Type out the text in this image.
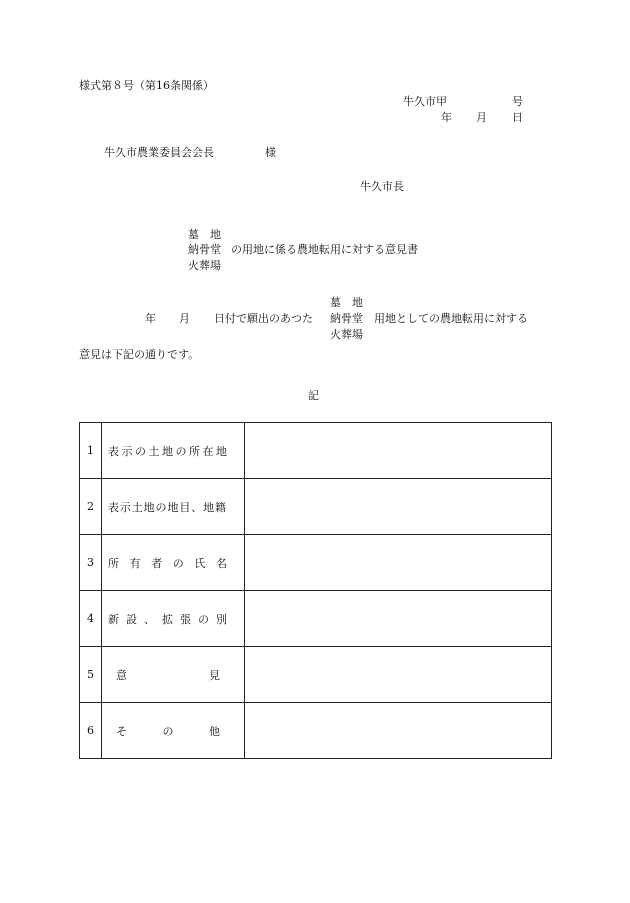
様式第８号（第16条関係）
牛久市甲	号
年 月 日
牛久市農業委員会会長	様
牛久市長
墓　地
納骨堂 の用地に係る農地転用に対する意見書
火葬場
墓　地
年 月 日付で願出のあつた 納骨堂 用地としての農地転用に対する
火葬場
意見は下記の通りです。
記
1	表示の土地の所在地	

2	表示土地の地目、地籍	

3	所有者の氏名	

4	新設、拡張の別	

5	意見	

6	その他	
